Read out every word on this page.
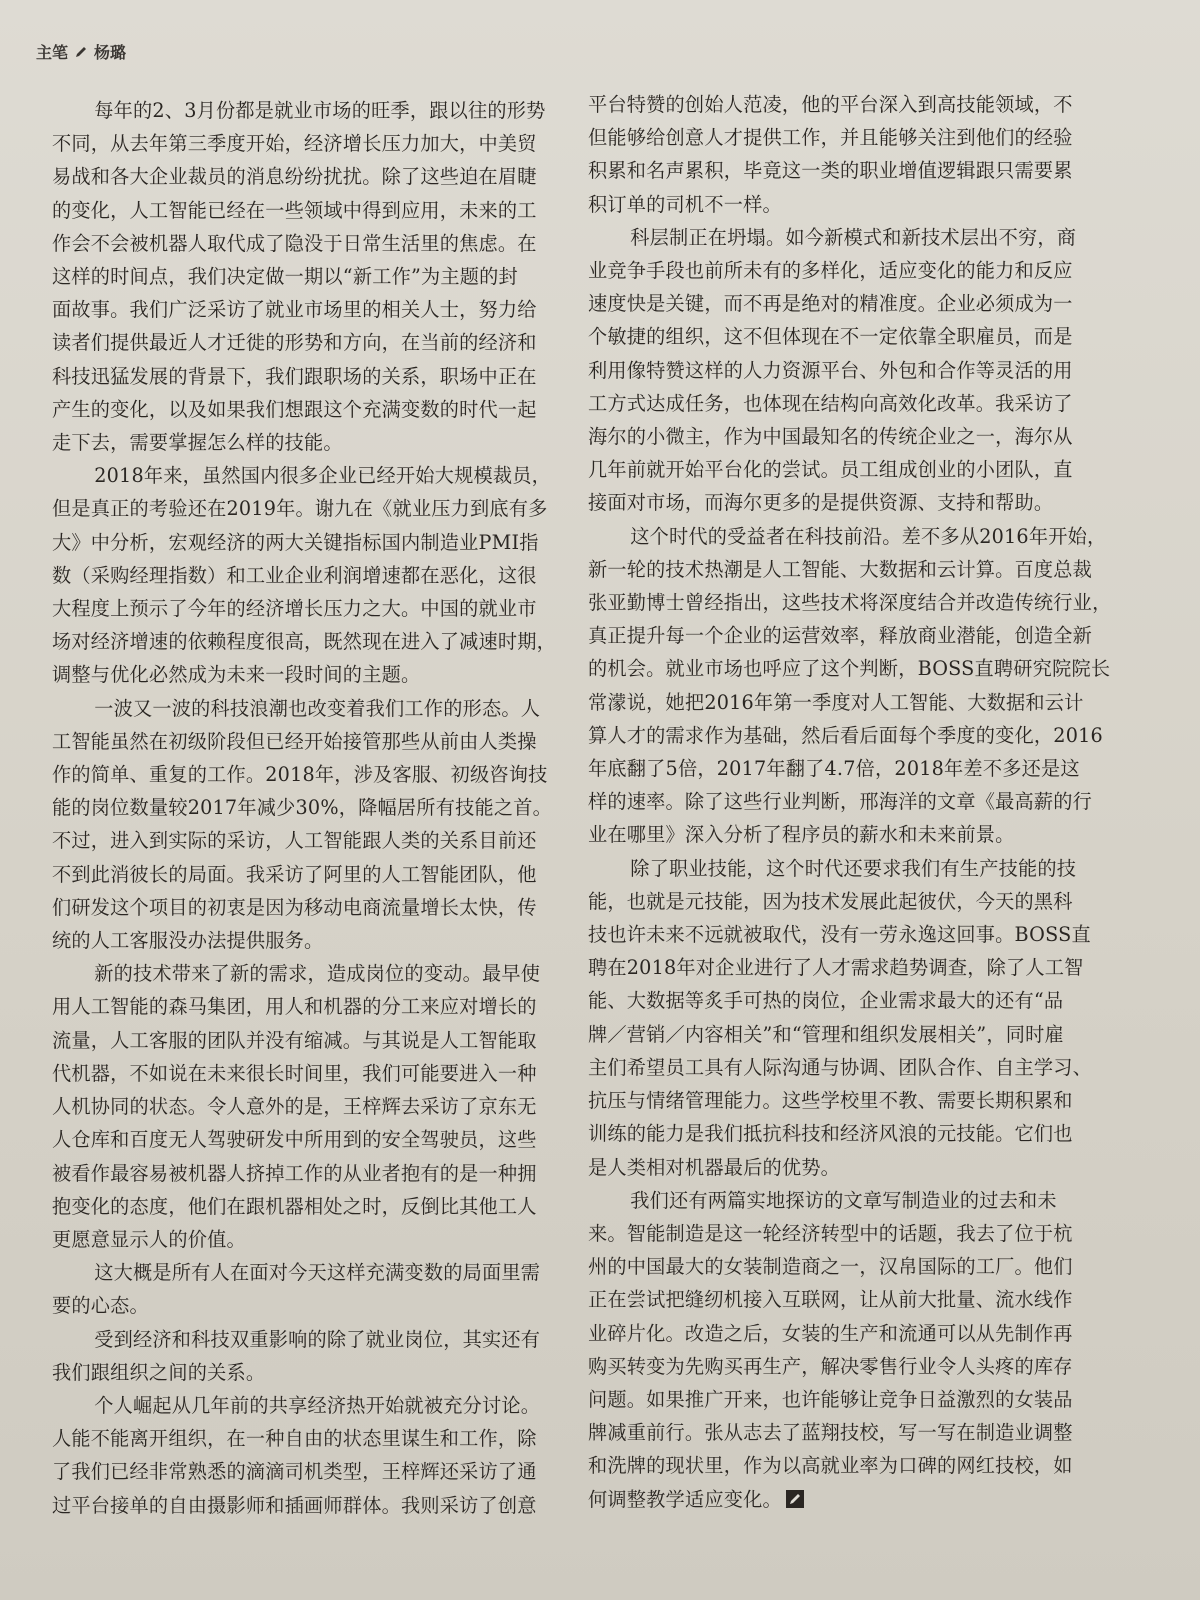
主笔 杨璐
每年的2、3月份都是就业市场的旺季，跟以往的形势
不同，从去年第三季度开始，经济增长压力加大，中美贸
易战和各大企业裁员的消息纷纷扰扰。除了这些迫在眉睫
的变化，人工智能已经在一些领域中得到应用，未来的工
作会不会被机器人取代成了隐没于日常生活里的焦虑。在
这样的时间点，我们决定做一期以“新工作”为主题的封
面故事。我们广泛采访了就业市场里的相关人士，努力给
读者们提供最近人才迁徙的形势和方向，在当前的经济和
科技迅猛发展的背景下，我们跟职场的关系，职场中正在
产生的变化，以及如果我们想跟这个充满变数的时代一起
走下去，需要掌握怎么样的技能。
2018年来，虽然国内很多企业已经开始大规模裁员，
但是真正的考验还在2019年。谢九在《就业压力到底有多
大》中分析，宏观经济的两大关键指标国内制造业PMI指
数（采购经理指数）和工业企业利润增速都在恶化，这很
大程度上预示了今年的经济增长压力之大。中国的就业市
场对经济增速的依赖程度很高，既然现在进入了减速时期，
调整与优化必然成为未来一段时间的主题。
一波又一波的科技浪潮也改变着我们工作的形态。人
工智能虽然在初级阶段但已经开始接管那些从前由人类操
作的简单、重复的工作。2018年，涉及客服、初级咨询技
能的岗位数量较2017年减少30%，降幅居所有技能之首。
不过，进入到实际的采访，人工智能跟人类的关系目前还
不到此消彼长的局面。我采访了阿里的人工智能团队，他
们研发这个项目的初衷是因为移动电商流量增长太快，传
统的人工客服没办法提供服务。
新的技术带来了新的需求，造成岗位的变动。最早使
用人工智能的森马集团，用人和机器的分工来应对增长的
流量，人工客服的团队并没有缩减。与其说是人工智能取
代机器，不如说在未来很长时间里，我们可能要进入一种
人机协同的状态。令人意外的是，王梓辉去采访了京东无
人仓库和百度无人驾驶研发中所用到的安全驾驶员，这些
被看作最容易被机器人挤掉工作的从业者抱有的是一种拥
抱变化的态度，他们在跟机器相处之时，反倒比其他工人
更愿意显示人的价值。
这大概是所有人在面对今天这样充满变数的局面里需
要的心态。
受到经济和科技双重影响的除了就业岗位，其实还有
我们跟组织之间的关系。
个人崛起从几年前的共享经济热开始就被充分讨论。
人能不能离开组织，在一种自由的状态里谋生和工作，除
了我们已经非常熟悉的滴滴司机类型，王梓辉还采访了通
过平台接单的自由摄影师和插画师群体。我则采访了创意
平台特赞的创始人范凌，他的平台深入到高技能领域，不
但能够给创意人才提供工作，并且能够关注到他们的经验
积累和名声累积，毕竟这一类的职业增值逻辑跟只需要累
积订单的司机不一样。
科层制正在坍塌。如今新模式和新技术层出不穷，商
业竞争手段也前所未有的多样化，适应变化的能力和反应
速度快是关键，而不再是绝对的精准度。企业必须成为一
个敏捷的组织，这不但体现在不一定依靠全职雇员，而是
利用像特赞这样的人力资源平台、外包和合作等灵活的用
工方式达成任务，也体现在结构向高效化改革。我采访了
海尔的小微主，作为中国最知名的传统企业之一，海尔从
几年前就开始平台化的尝试。员工组成创业的小团队，直
接面对市场，而海尔更多的是提供资源、支持和帮助。
这个时代的受益者在科技前沿。差不多从2016年开始，
新一轮的技术热潮是人工智能、大数据和云计算。百度总裁
张亚勤博士曾经指出，这些技术将深度结合并改造传统行业，
真正提升每一个企业的运营效率，释放商业潜能，创造全新
的机会。就业市场也呼应了这个判断，BOSS直聘研究院院长
常濛说，她把2016年第一季度对人工智能、大数据和云计
算人才的需求作为基础，然后看后面每个季度的变化，2016
年底翻了5倍，2017年翻了4.7倍，2018年差不多还是这
样的速率。除了这些行业判断，邢海洋的文章《最高薪的行
业在哪里》深入分析了程序员的薪水和未来前景。
除了职业技能，这个时代还要求我们有生产技能的技
能，也就是元技能，因为技术发展此起彼伏，今天的黑科
技也许未来不远就被取代，没有一劳永逸这回事。BOSS直
聘在2018年对企业进行了人才需求趋势调查，除了人工智
能、大数据等炙手可热的岗位，企业需求最大的还有“品
牌／营销／内容相关”和“管理和组织发展相关”，同时雇
主们希望员工具有人际沟通与协调、团队合作、自主学习、
抗压与情绪管理能力。这些学校里不教、需要长期积累和
训练的能力是我们抵抗科技和经济风浪的元技能。它们也
是人类相对机器最后的优势。
我们还有两篇实地探访的文章写制造业的过去和未
来。智能制造是这一轮经济转型中的话题，我去了位于杭
州的中国最大的女装制造商之一，汉帛国际的工厂。他们
正在尝试把缝纫机接入互联网，让从前大批量、流水线作
业碎片化。改造之后，女装的生产和流通可以从先制作再
购买转变为先购买再生产，解决零售行业令人头疼的库存
问题。如果推广开来，也许能够让竞争日益激烈的女装品
牌减重前行。张从志去了蓝翔技校，写一写在制造业调整
和洗牌的现状里，作为以高就业率为口碑的网红技校，如
何调整教学适应变化。
